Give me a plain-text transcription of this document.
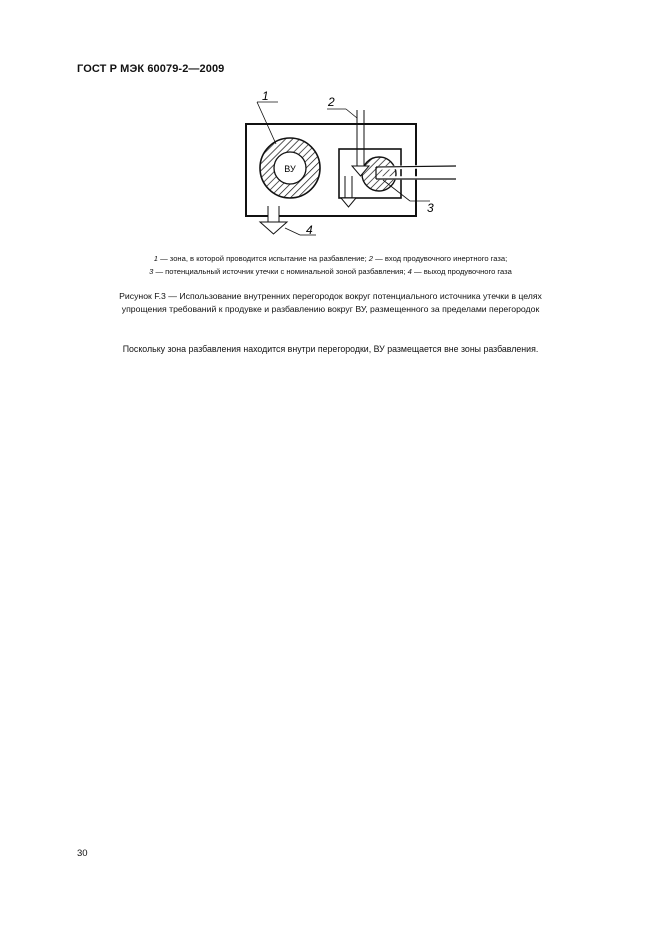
ГОСТ Р МЭК 60079-2—2009
ВУ
1	2
3
4
1 — зона, в которой проводится испытание на разбавление; 2 — вход продувочного инертного газа;
3 — потенциальный источник утечки с номинальной зоной разбавления; 4 — выход продувочного газа
Рисунок F.3 — Использование внутренних перегородок вокруг потенциального источника утечки в целях
упрощения требований к продувке и разбавлению вокруг ВУ, размещенного за пределами перегородок
Поскольку зона разбавления находится внутри перегородки, ВУ размещается вне зоны разбавления.
30
